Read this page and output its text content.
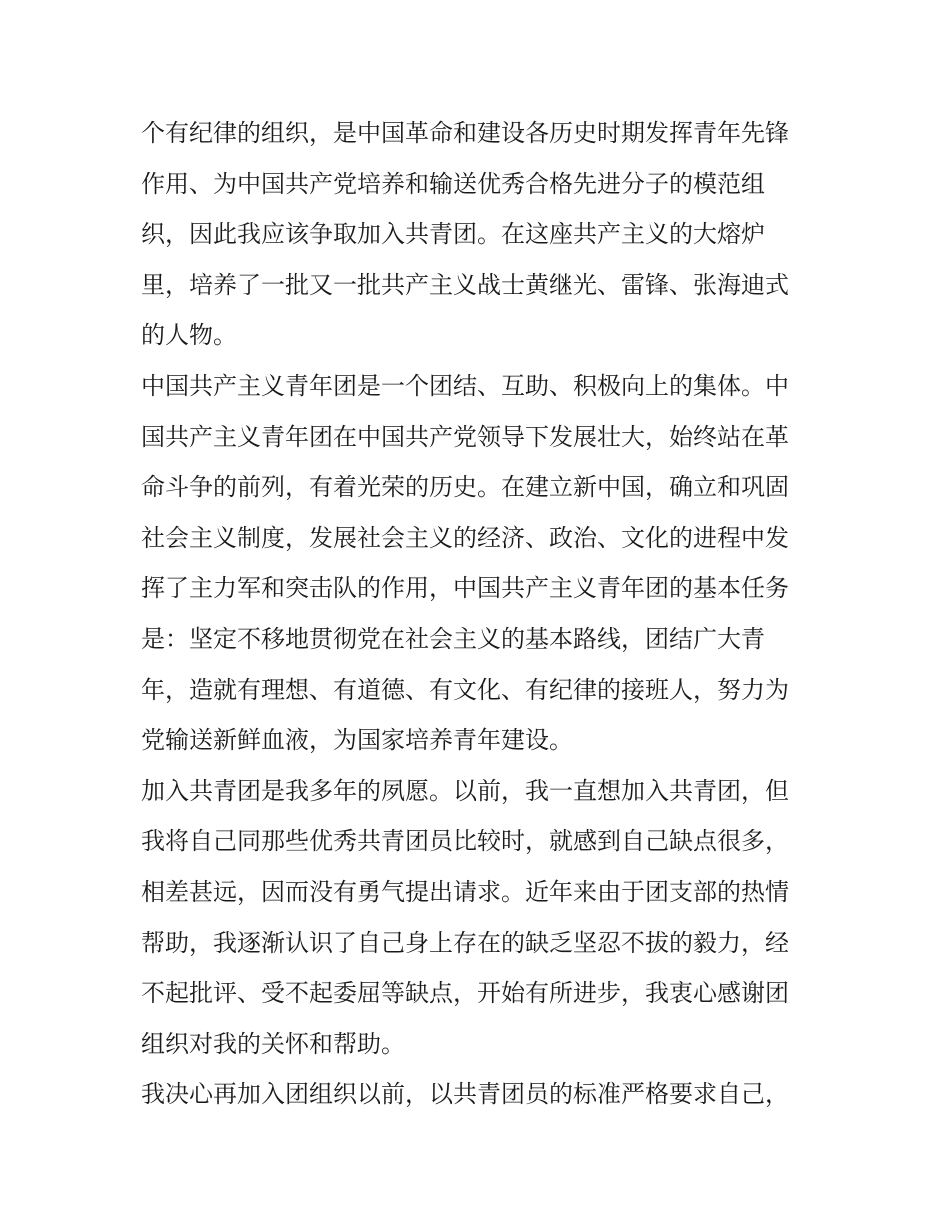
个有纪律的组织，是中国革命和建设各历史时期发挥青年先锋
作用、为中国共产党培养和输送优秀合格先进分子的模范组
织，因此我应该争取加入共青团。在这座共产主义的大熔炉
里，培养了一批又一批共产主义战士黄继光、雷锋、张海迪式
的人物。
中国共产主义青年团是一个团结、互助、积极向上的集体。中
国共产主义青年团在中国共产党领导下发展壮大，始终站在革
命斗争的前列，有着光荣的历史。在建立新中国，确立和巩固
社会主义制度，发展社会主义的经济、政治、文化的进程中发
挥了主力军和突击队的作用，中国共产主义青年团的基本任务
是：坚定不移地贯彻党在社会主义的基本路线，团结广大青
年，造就有理想、有道德、有文化、有纪律的接班人，努力为
党输送新鲜血液，为国家培养青年建设。
加入共青团是我多年的夙愿。以前，我一直想加入共青团，但
我将自己同那些优秀共青团员比较时，就感到自己缺点很多，
相差甚远，因而没有勇气提出请求。近年来由于团支部的热情
帮助，我逐渐认识了自己身上存在的缺乏坚忍不拔的毅力，经
不起批评、受不起委屈等缺点，开始有所进步，我衷心感谢团
组织对我的关怀和帮助。
我决心再加入团组织以前，以共青团员的标准严格要求自己，
